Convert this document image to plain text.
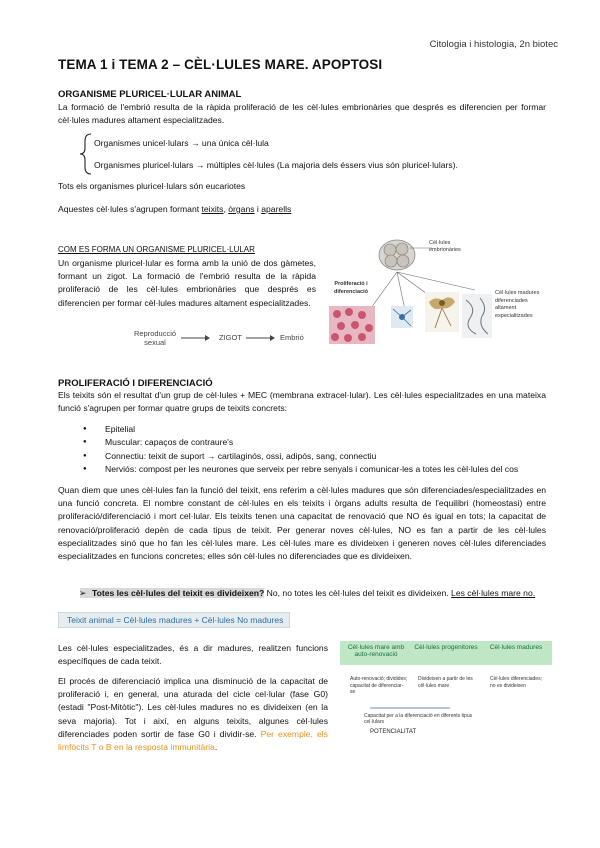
Citologia i histologia, 2n biotec
TEMA 1 i TEMA 2 – CÈL·LULES MARE. APOPTOSI
ORGANISME PLURICEL·LULAR ANIMAL
La formació de l'embrió resulta de la ràpida proliferació de les cèl·lules embrionàries que després es diferencien per formar cèl·lules madures altament especialitzades.
Organismes unicel·lulars → una única cèl·lula
Organismes pluricel·lulars → múltiples cèl·lules (La majoria dels éssers vius són pluricel·lulars).
Tots els organismes pluricel·lulars són eucariotes
Aquestes cèl·lules s'agrupen formant teixits, òrgans i aparells
COM ES FORMA UN ORGANISME PLURICEL·LULAR
Un organisme pluricel·lular es forma amb la unió de dos gàmetes, formant un zigot. La formació de l'embrió resulta de la ràpida proliferació de les cèl·lules embrionàries que després es diferencien per formar cèl·lules madures altament especialitzades.
Reproducció sexual
ZIGOT	Embrió
Cèl·lules embrionàries
Proliferació i diferenciació	Cèl·lules madures diferenciades altament especialitzades
PROLIFERACIÓ I DIFERENCIACIÓ
Els teixits són el resultat d'un grup de cèl·lules + MEC (membrana extracel·lular). Les cèl·lules especialitzades en una mateixa funció s'agrupen per formar quatre grups de teixits concrets:
● Epitelial
● Muscular: capaços de contraure's
● Connectiu: teixit de suport → cartilaginós, ossi, adipós, sang, connectiu
● Nerviós: compost per les neurones que serveix per rebre senyals i comunicar-les a totes les cèl·lules del cos
Quan diem que unes cèl·lules fan la funció del teixit, ens referim a cèl·lules madures que són diferenciades/especialitzades en una funció concreta. El nombre constant de cèl·lules en els teixits i òrgans adults resulta de l'equilibri (homeostasi) entre proliferació/diferenciació i mort cel·lular. Els teixits tenen una capacitat de renovació que NO és igual en tots; la capacitat de renovació/proliferació depèn de cada tipus de teixit. Per generar noves cèl·lules, NO es fan a partir de les cèl·lules especialitzades sinó que ho fan les cèl·lules mare. Les cèl·lules mare es divideixen i generen noves cèl·lules diferenciades especialitzades en funcions concretes; elles són cèl·lules no diferenciades que es divideixen.
➢ Totes les cèl·lules del teixit es divideixen? No, no totes les cèl·lules del teixit es divideixen. Les cèl·lules mare no.
Teixit animal = Cèl·lules madures + Cèl·lules No madures
Les cèl·lules especialitzades, és a dir madures, realitzen funcions específiques de cada teixit.
El procés de diferenciació implica una disminució de la capacitat de proliferació i, en general, una aturada del cicle cel·lular (fase G0) (estadi "Post-Mitòtic"). Les cèl·lules madures no es divideixen (en la seva majoria). Tot i així, en alguns teixits, algunes cèl·lules diferenciades poden sortir de fase G0 i dividir-se. Per exemple, els limfòcits T o B en la resposta immunitària.
Cèl·lules mare amb auto-renovació
Cèl·lules progenitores	Cèl·lules madures
Auto-renovació; dividides; capacitat de diferenciar-se
Divideixen a partir de les cèl·lules mare
Cèl·lules diferenciades; no es divideixen
Capacitat per a la diferenciació en diferents tipus cel·lulars
POTENCIALITAT
